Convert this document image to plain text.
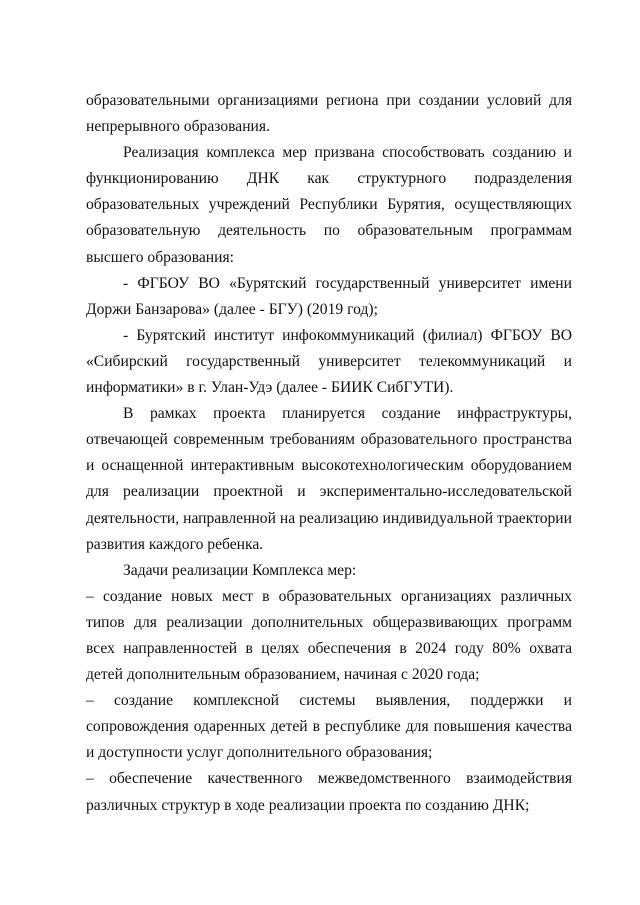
образовательными организациями региона при создании условий для непрерывного образования.

Реализация комплекса мер призвана способствовать созданию и функционированию ДНК как структурного подразделения образовательных учреждений Республики Бурятия, осуществляющих образовательную деятельность по образовательным программам высшего образования:

- ФГБОУ ВО «Бурятский государственный университет имени Доржи Банзарова» (далее - БГУ) (2019 год);

- Бурятский институт инфокоммуникаций (филиал) ФГБОУ ВО «Сибирский государственный университет телекоммуникаций и информатики» в г. Улан-Удэ (далее - БИИК СибГУТИ).

В рамках проекта планируется создание инфраструктуры, отвечающей современным требованиям образовательного пространства и оснащенной интерактивным высокотехнологическим оборудованием для реализации проектной и экспериментально-исследовательской деятельности, направленной на реализацию индивидуальной траектории развития каждого ребенка.

Задачи реализации Комплекса мер:

– создание новых мест в образовательных организациях различных типов для реализации дополнительных общеразвивающих программ всех направленностей в целях обеспечения в 2024 году 80% охвата детей дополнительным образованием, начиная с 2020 года;

– создание комплексной системы выявления, поддержки и сопровождения одаренных детей в республике для повышения качества и доступности услуг дополнительного образования;

– обеспечение качественного межведомственного взаимодействия различных структур в ходе реализации проекта по созданию ДНК;
